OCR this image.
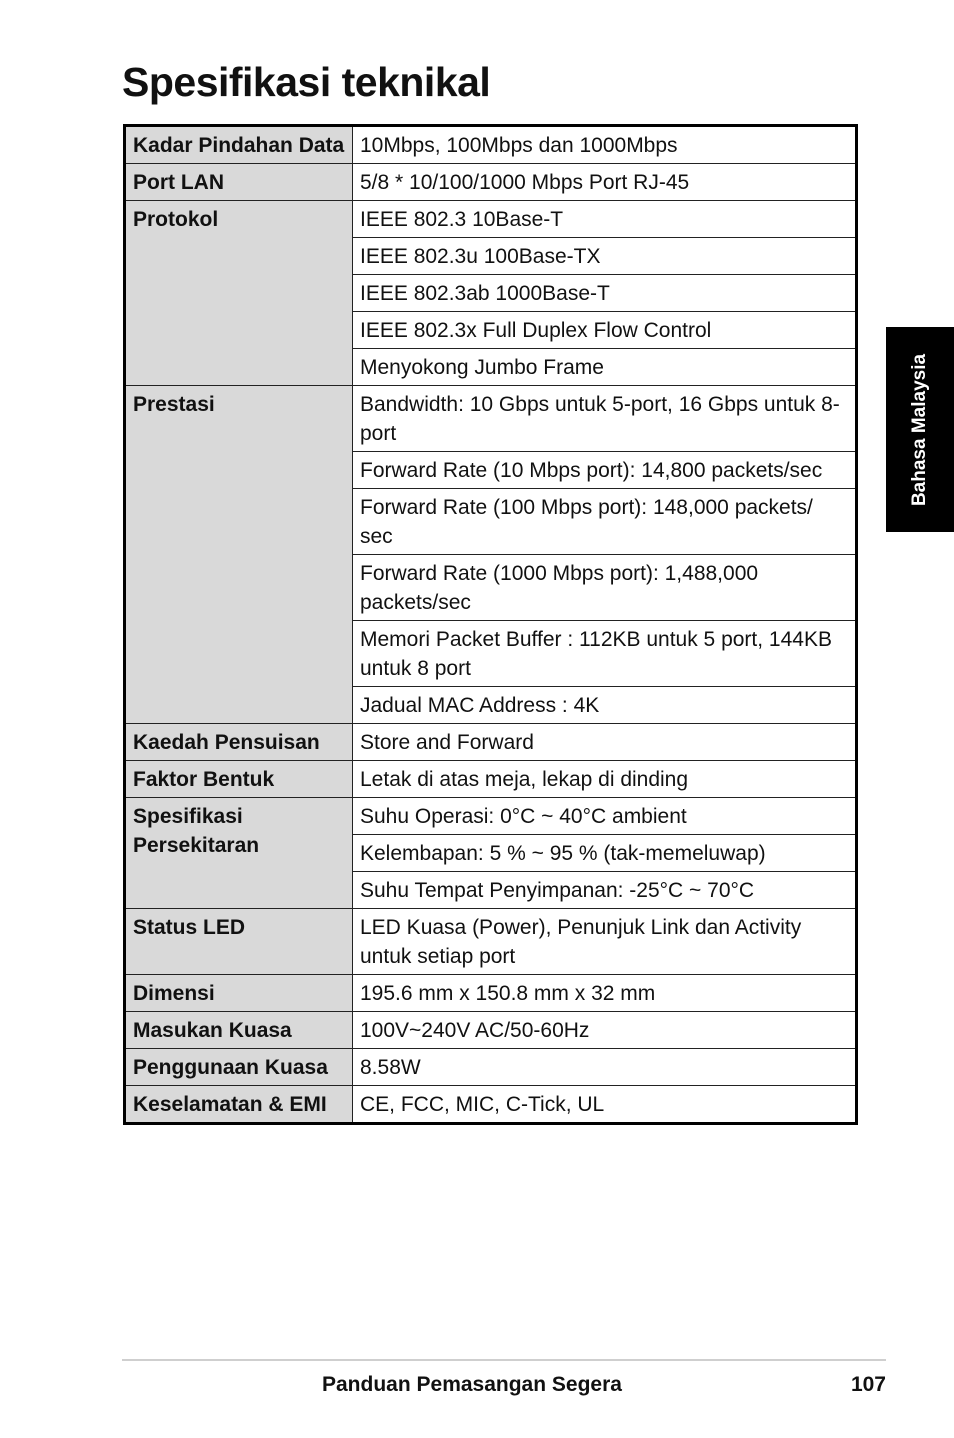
Spesifikasi teknikal
Kadar Pindahan Data	10Mbps, 100Mbps dan 1000Mbps
Port LAN	5/8 * 10/100/1000 Mbps Port RJ-45
Protokol	IEEE 802.3 10Base-T
	IEEE 802.3u 100Base-TX
	IEEE 802.3ab 1000Base-T
	IEEE 802.3x Full Duplex Flow Control
	Menyokong Jumbo Frame
Prestasi	Bandwidth: 10 Gbps untuk 5-port, 16 Gbps untuk 8-port
	Forward Rate (10 Mbps port): 14,800 packets/sec
	Forward Rate (100 Mbps port): 148,000 packets/ sec
	Forward Rate (1000 Mbps port): 1,488,000 packets/sec
	Memori Packet Buffer : 112KB untuk 5 port, 144KB untuk 8 port
	Jadual MAC Address : 4K
Kaedah Pensuisan	Store and Forward
Faktor Bentuk	Letak di atas meja, lekap di dinding
Spesifikasi Persekitaran	Suhu Operasi: 0°C ~ 40°C ambient
	Kelembapan: 5 % ~ 95 % (tak-memeluwap)
	Suhu Tempat Penyimpanan: -25°C ~ 70°C
Status LED	LED Kuasa (Power), Penunjuk Link dan Activity untuk setiap port
Dimensi	195.6 mm x 150.8 mm x 32 mm
Masukan Kuasa	100V~240V AC/50-60Hz
Penggunaan Kuasa	8.58W
Keselamatan & EMI	CE, FCC, MIC, C-Tick, UL
Bahasa Malaysia
Panduan Pemasangan Segera	107
